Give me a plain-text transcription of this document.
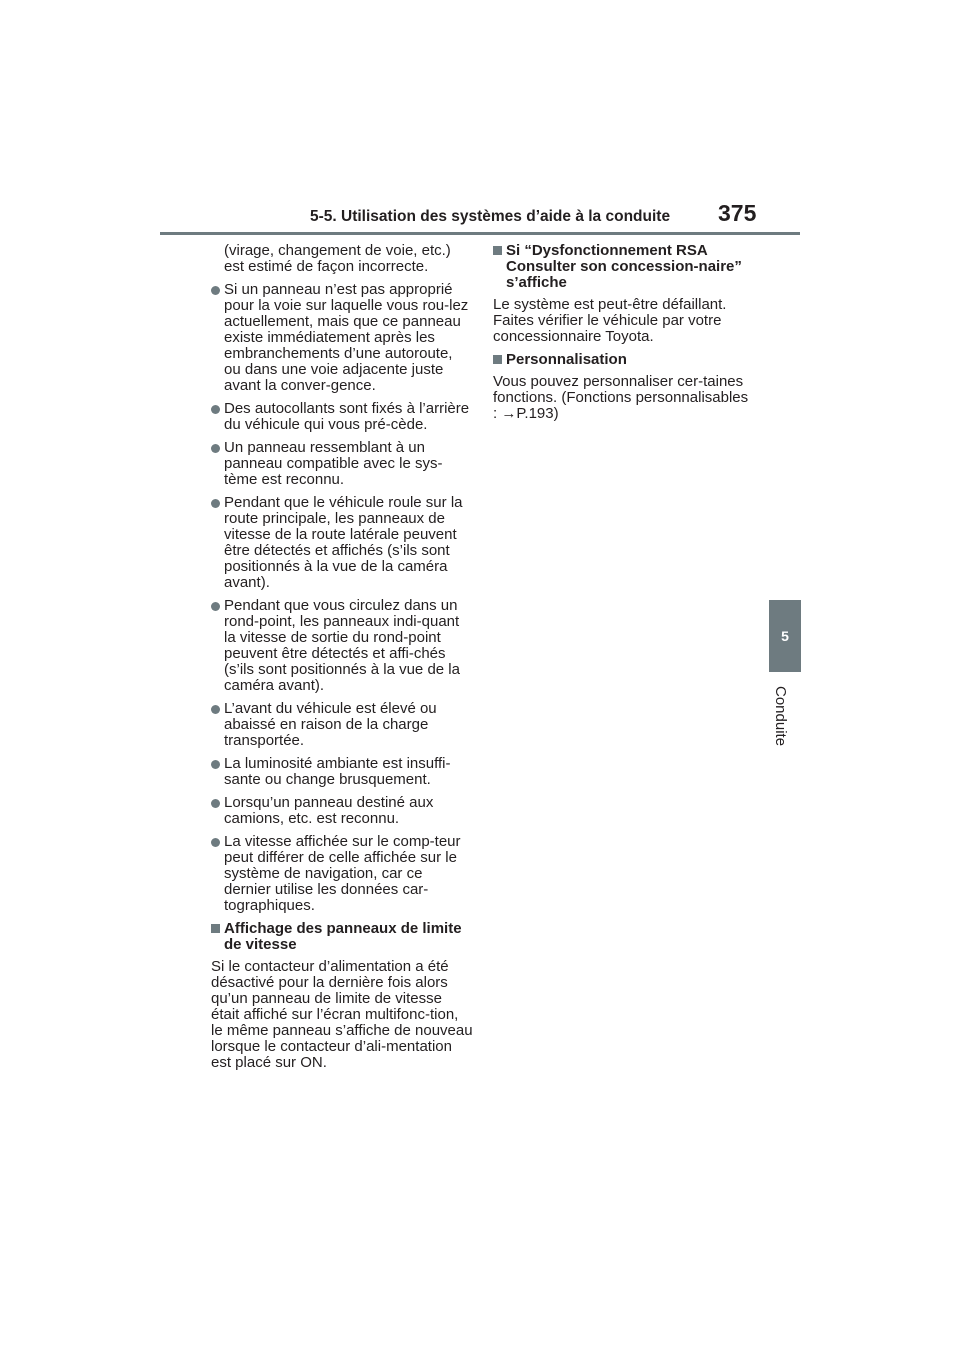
5-5. Utilisation des systèmes d’aide à la conduite 375
5
Conduite
(virage, changement de voie, etc.) est estimé de façon incorrecte.
Si un panneau n’est pas approprié pour la voie sur laquelle vous rou-lez actuellement, mais que ce panneau existe immédiatement après les embranchements d’une autoroute, ou dans une voie adjacente juste avant la conver-gence.
Des autocollants sont fixés à l’arrière du véhicule qui vous pré-cède.
Un panneau ressemblant à un panneau compatible avec le sys-tème est reconnu.
Pendant que le véhicule roule sur la route principale, les panneaux de vitesse de la route latérale peuvent être détectés et affichés (s’ils sont positionnés à la vue de la caméra avant).
Pendant que vous circulez dans un rond-point, les panneaux indi-quant la vitesse de sortie du rond-point peuvent être détectés et affi-chés (s’ils sont positionnés à la vue de la caméra avant).
L’avant du véhicule est élevé ou abaissé en raison de la charge transportée.
La luminosité ambiante est insuffi-sante ou change brusquement.
Lorsqu’un panneau destiné aux camions, etc. est reconnu.
La vitesse affichée sur le comp-teur peut différer de celle affichée sur le système de navigation, car ce dernier utilise les données car-tographiques.
Affichage des panneaux de limite de vitesse
Si le contacteur d’alimentation a été désactivé pour la dernière fois alors qu’un panneau de limite de vitesse était affiché sur l’écran multifonc-tion, le même panneau s’affiche de nouveau lorsque le contacteur d’ali-mentation est placé sur ON.
Si “Dysfonctionnement RSA Consulter son concession-naire” s’affiche
Le système est peut-être défaillant. Faites vérifier le véhicule par votre concessionnaire Toyota.
Personnalisation
Vous pouvez personnaliser cer-taines fonctions. (Fonctions personnalisables : →P.193)
